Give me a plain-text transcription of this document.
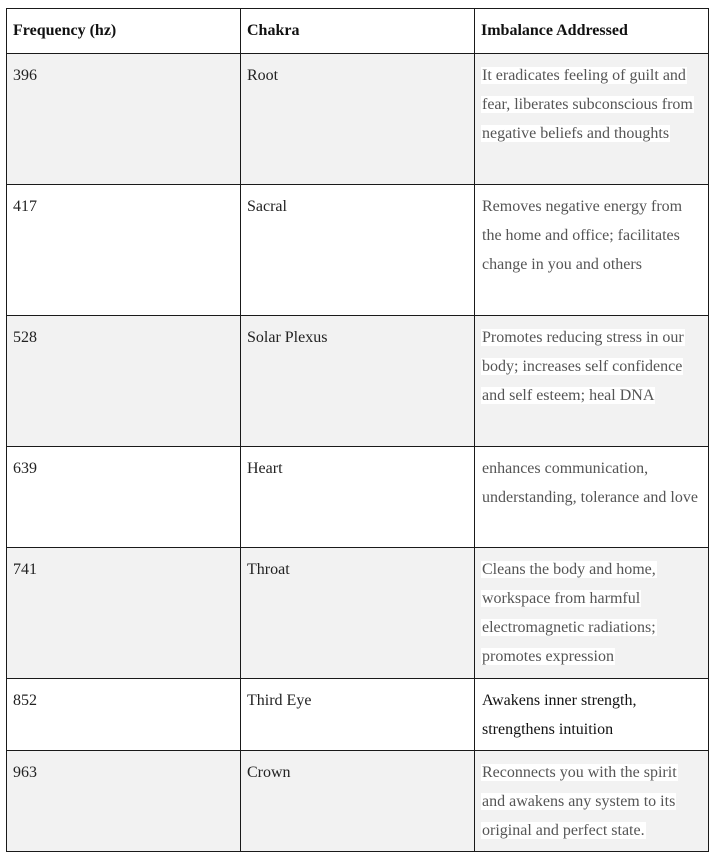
Frequency (hz)	Chakra	Imbalance Addressed
396	Root	It eradicates feeling of guilt and fear, liberates subconscious from negative beliefs and thoughts
417	Sacral	Removes negative energy from the home and office; facilitates change in you and others
528	Solar Plexus	Promotes reducing stress in our body; increases self confidence and self esteem; heal DNA
639	Heart	enhances communication, understanding, tolerance and love
741	Throat	Cleans the body and home, workspace from harmful electromagnetic radiations; promotes expression
852	Third Eye	Awakens inner strength, strengthens intuition
963	Crown	Reconnects you with the spirit and awakens any system to its original and perfect state.
